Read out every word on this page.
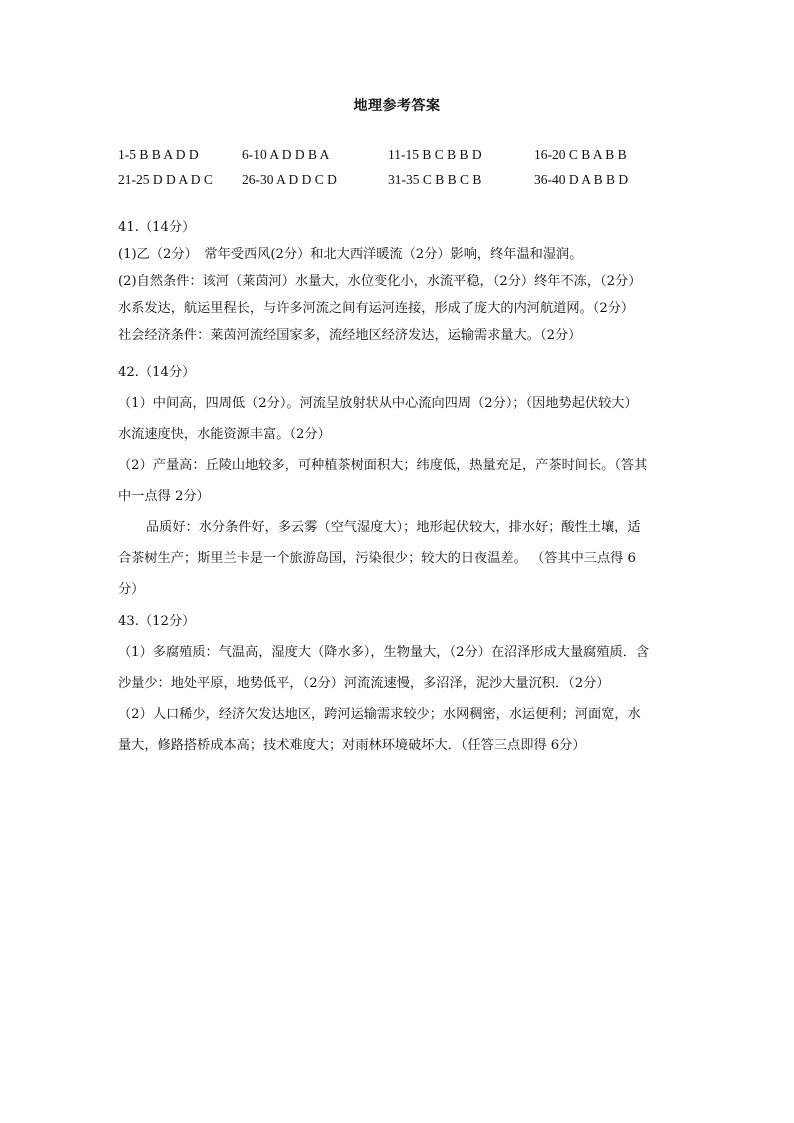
地理参考答案
1-5 B B A D D	6-10 A D D B A	11-15 B C B B D	16-20 C B A B B
21-25 D D A D C 26-30 A D D C D	31-35 C B B C B	36-40 D A B B D
41.（14分）
(1)乙（2分）　常年受西风(2分）和北大西洋暖流（2分）影响，终年温和湿润。
(2)自然条件：该河（莱茵河）水量大，水位变化小，水流平稳，（2分）终年不冻，（2分）
水系发达，航运里程长，与许多河流之间有运河连接，形成了庞大的内河航道网。（2分）
社会经济条件：莱茵河流经国家多，流经地区经济发达，运输需求量大。（2分）
42.（14分）
（1）中间高，四周低（2分）。河流呈放射状从中心流向四周（2分）；（因地势起伏较大）
水流速度快，水能资源丰富。（2分）
（2）产量高：丘陵山地较多，可种植茶树面积大；纬度低，热量充足，产茶时间长。（答其
中一点得 2分）
品质好：水分条件好，多云雾（空气湿度大）；地形起伏较大，排水好；酸性土壤，适
合茶树生产；斯里兰卡是一个旅游岛国，污染很少；较大的日夜温差。 （答其中三点得 6
分）
43.（12分）
（1）多腐殖质：气温高，湿度大（降水多），生物量大，（2分）在沼泽形成大量腐殖质．含
沙量少：地处平原，地势低平，（2分）河流流速慢，多沼泽，泥沙大量沉积．（2分）
（2）人口稀少，经济欠发达地区，跨河运输需求较少；水网稠密，水运便利；河面宽，水
量大，修路搭桥成本高；技术难度大；对雨林环境破坏大．（任答三点即得 6分）
